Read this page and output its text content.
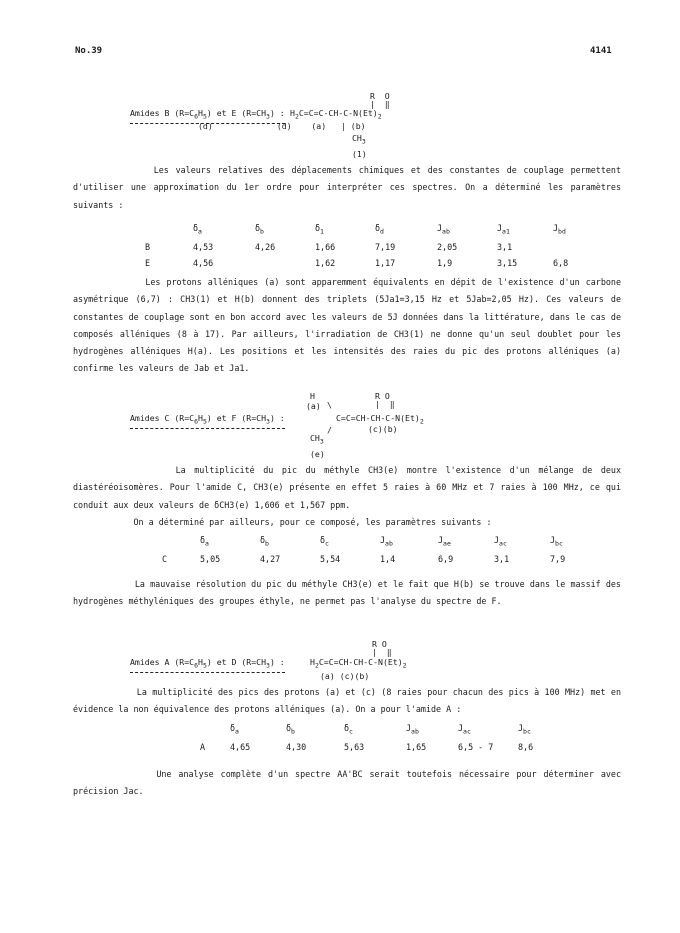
No.39	4141
Amides B $(R=C_6H_5)$ et E $(R=CH_3)$ :
R  O
|  ‖
$H_2C=C=C-CH-C-N(Et)_2$
(d)             (d)    (a)   | (b)
$CH_3$
(1)
Les valeurs relatives des déplacements chimiques et des constantes de couplage permettent d'utiliser une approximation du 1er ordre pour interpréter ces spectres. On a déterminé les paramètres suivants :
	$\delta_a$	$\delta_b$	$\delta_1$	$\delta_d$	$J_{ab}$	$J_{a1}$	$J_{bd}$
B	4,53	4,26	1,66	7,19	2,05	3,1	
E	4,56		1,62	1,17	1,9	3,15	6,8
Les protons alléniques (a) sont apparemment équivalents en dépit de l'existence d'un carbone asymétrique (6,7) : CH3(1) et H(b) donnent des triplets (5Ja1=3,15 Hz et 5Jab=2,05 Hz). Ces valeurs de constantes de couplage sont en bon accord avec les valeurs de 5J données dans la littérature, dans le cas de composés alléniques (8 à 17). Par ailleurs, l'irradiation de CH3(1) ne donne qu'un seul doublet pour les hydrogènes alléniques H(a). Les positions et les intensités des raies du pic des protons alléniques (a) confirme les valeurs de Jab et Ja1.
Amides C $(R=C_6H_5)$ et F $(R=CH_3)$ :
H
(a) \
R O
|  ‖
$C=C=CH-CH-C-N(Et)_2$
(c)(b)
/
$CH_3$
(e)
La multiplicité du pic du méthyle CH3(e) montre l'existence d'un mélange de deux diastéréoisomères. Pour l'amide C, CH3(e) présente en effet 5 raies à 60 MHz et 7 raies à 100 MHz, ce qui conduit aux deux valeurs de δCH3(e) 1,606 et 1,567 ppm.
On a déterminé par ailleurs, pour ce composé, les paramètres suivants :
	$\delta_a$	$\delta_b$	$\delta_c$	$J_{ab}$	$J_{ae}$	$J_{ac}$	$J_{bc}$
C	5,05	4,27	5,54	1,4	6,9	3,1	7,9
La mauvaise résolution du pic du méthyle CH3(e) et le fait que H(b) se trouve dans le massif des hydrogènes méthyléniques des groupes éthyle, ne permet pas l'analyse du spectre de F.
Amides A $(R=C_6H_5)$ et D $(R=CH_3)$ :
R O
|  ‖
$H_2C=C=CH-CH-C-N(Et)_2$
(a) (c)(b)
La multiplicité des pics des protons (a) et (c) (8 raies pour chacun des pics à 100 MHz) met en évidence la non équivalence des protons alléniques (a). On a pour l'amide A :
	$\delta_a$	$\delta_b$	$\delta_c$	$J_{ab}$	$J_{ac}$	$J_{bc}$
A	4,65	4,30	5,63	1,65	6,5 - 7	8,6
Une analyse complète d'un spectre AA'BC serait toutefois nécessaire pour déterminer avec précision Jac.
